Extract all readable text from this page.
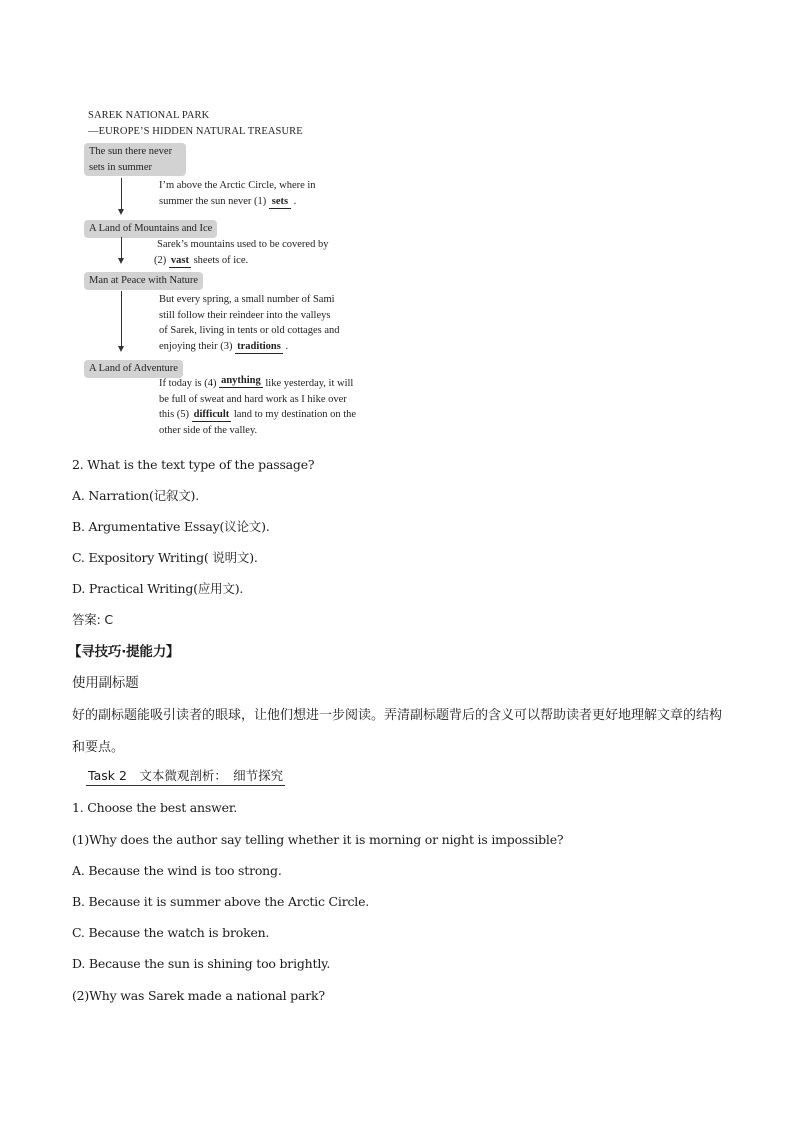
SAREK NATIONAL PARK
—EUROPE’S HIDDEN NATURAL TREASURE
The sun there never
sets in summer
I’m above the Arctic Circle, where in
summer the sun never (1) sets .
A Land of Mountains and Ice
Sarek’s mountains used to be covered by
(2) vast sheets of ice.
Man at Peace with Nature
But every spring, a small number of Sami
still follow their reindeer into the valleys
of Sarek, living in tents or old cottages and
enjoying their (3) traditions .
A Land of Adventure
If today is (4) anything like yesterday, it will
be full of sweat and hard work as I hike over
this (5) difficult land to my destination on the
other side of the valley.
2. What is the text type of the passage?
A. Narration(记叙文).
B. Argumentative Essay(议论文).
C. Expository Writing( 说明文).
D. Practical Writing(应用文).
答案: C
【寻技巧·提能力】
使用副标题
好的副标题能吸引读者的眼球，让他们想进一步阅读。弄清副标题背后的含义可以帮助读者更好地理解文章的结构和要点。
Task 2　文本微观剖析：　细节探究
1. Choose the best answer.
(1)Why does the author say telling whether it is morning or night is impossible?
A. Because the wind is too strong.
B. Because it is summer above the Arctic Circle.
C. Because the watch is broken.
D. Because the sun is shining too brightly.
(2)Why was Sarek made a national park?
